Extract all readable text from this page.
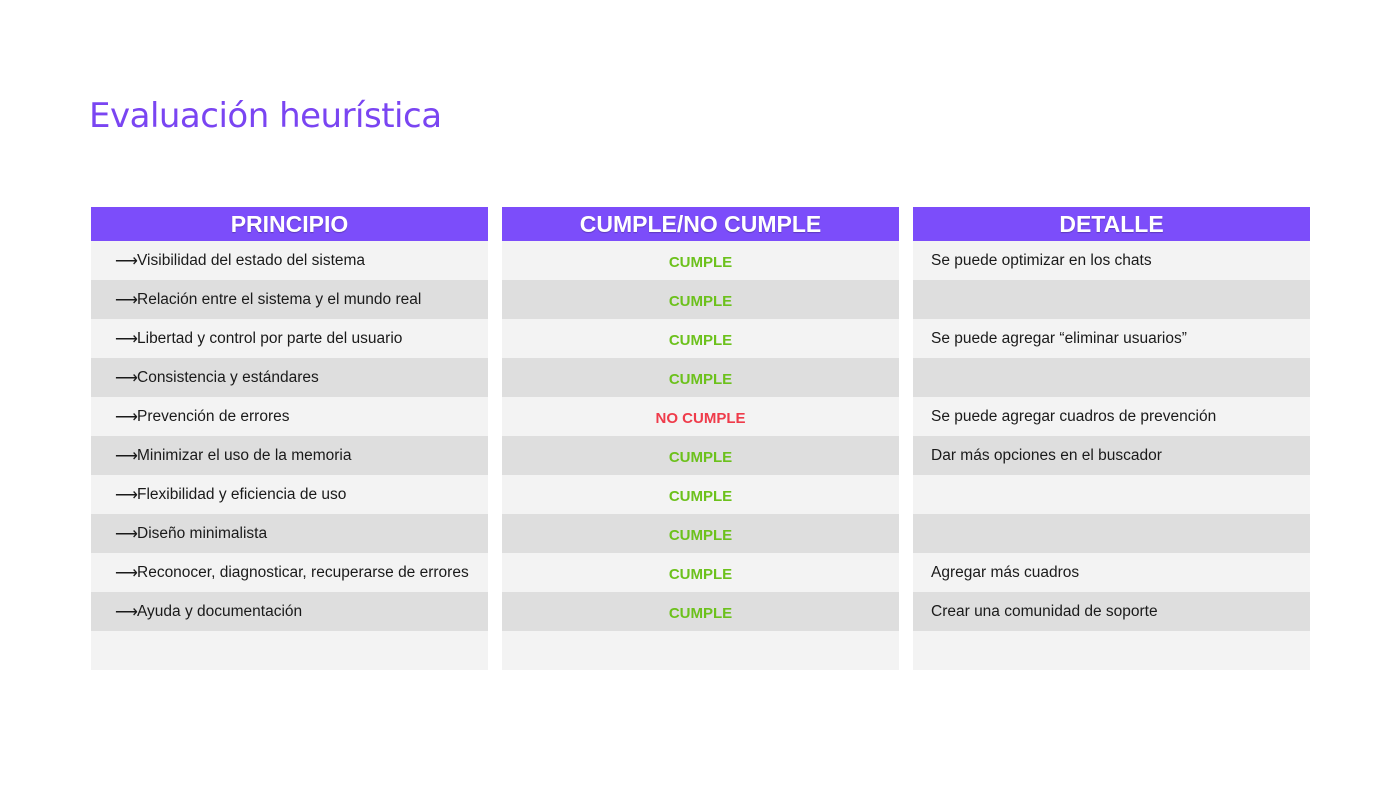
Evaluación heurística
PRINCIPIO
⟶ Visibilidad del estado del sistema
⟶ Relación entre el sistema y el mundo real
⟶ Libertad y control por parte del usuario
⟶ Consistencia y estándares
⟶ Prevención de errores
⟶ Minimizar el uso de la memoria
⟶ Flexibilidad y eficiencia de uso
⟶ Diseño minimalista
⟶ Reconocer, diagnosticar, recuperarse de errores
⟶ Ayuda y documentación
CUMPLE/NO CUMPLE
CUMPLE
CUMPLE
CUMPLE
CUMPLE
NO CUMPLE
CUMPLE
CUMPLE
CUMPLE
CUMPLE
CUMPLE
DETALLE
Se puede optimizar en los chats
Se puede agregar “eliminar usuarios”
Se puede agregar cuadros de prevención
Dar más opciones en el buscador
Agregar más cuadros
Crear una comunidad de soporte
